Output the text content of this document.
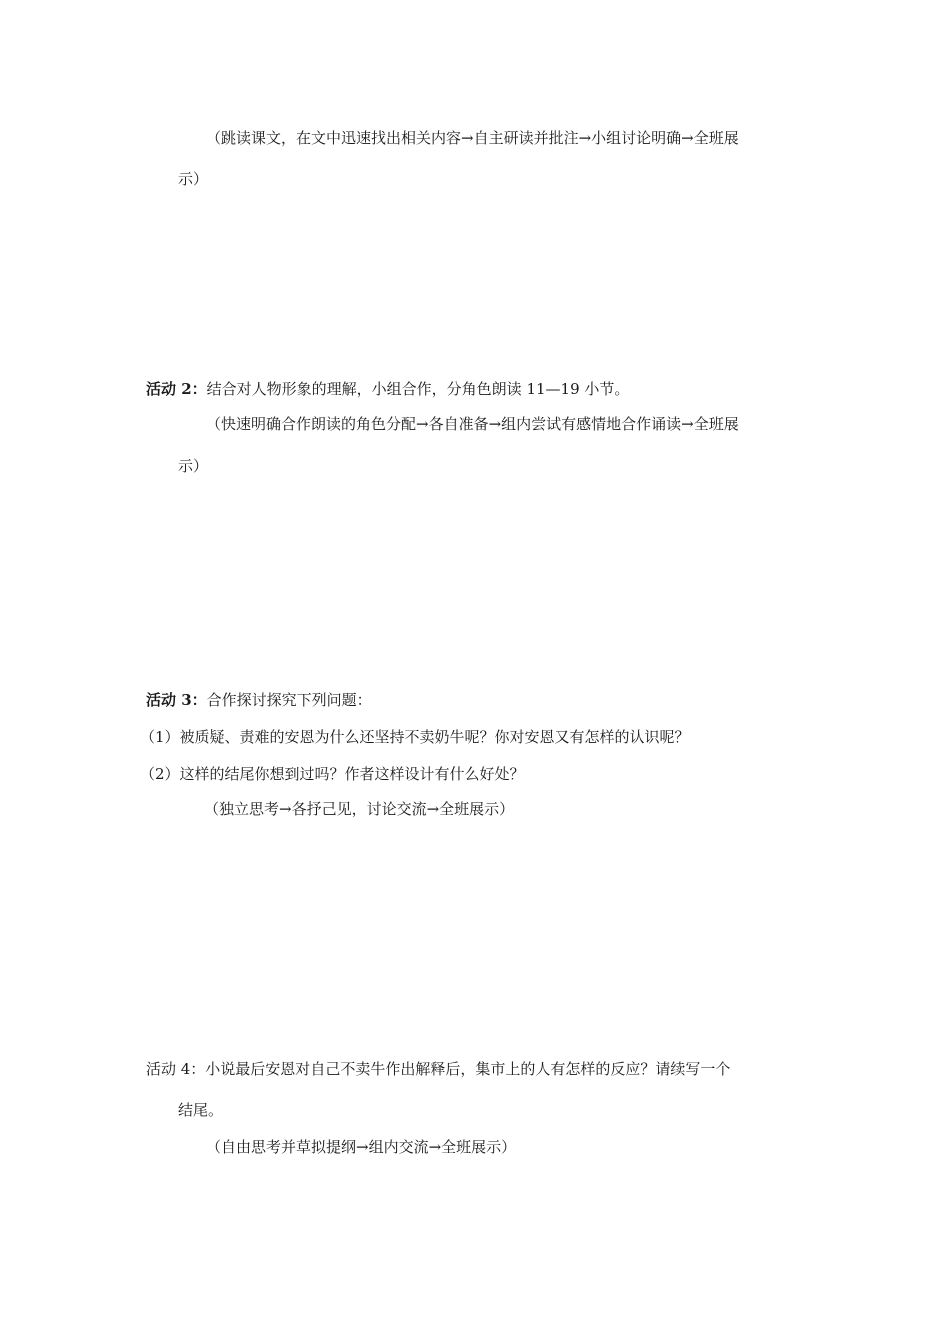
（跳读课文，在文中迅速找出相关内容→自主研读并批注→小组讨论明确→全班展
示）
活动 2：结合对人物形象的理解，小组合作，分角色朗读 11—19 小节。
（快速明确合作朗读的角色分配→各自准备→组内尝试有感情地合作诵读→全班展
示）
活动 3：合作探讨探究下列问题：
（1）被质疑、责难的安恩为什么还坚持不卖奶牛呢？你对安恩又有怎样的认识呢？
（2）这样的结尾你想到过吗？作者这样设计有什么好处？
（独立思考→各抒己见，讨论交流→全班展示）
活动 4：小说最后安恩对自己不卖牛作出解释后，集市上的人有怎样的反应？请续写一个
结尾。
（自由思考并草拟提纲→组内交流→全班展示）
